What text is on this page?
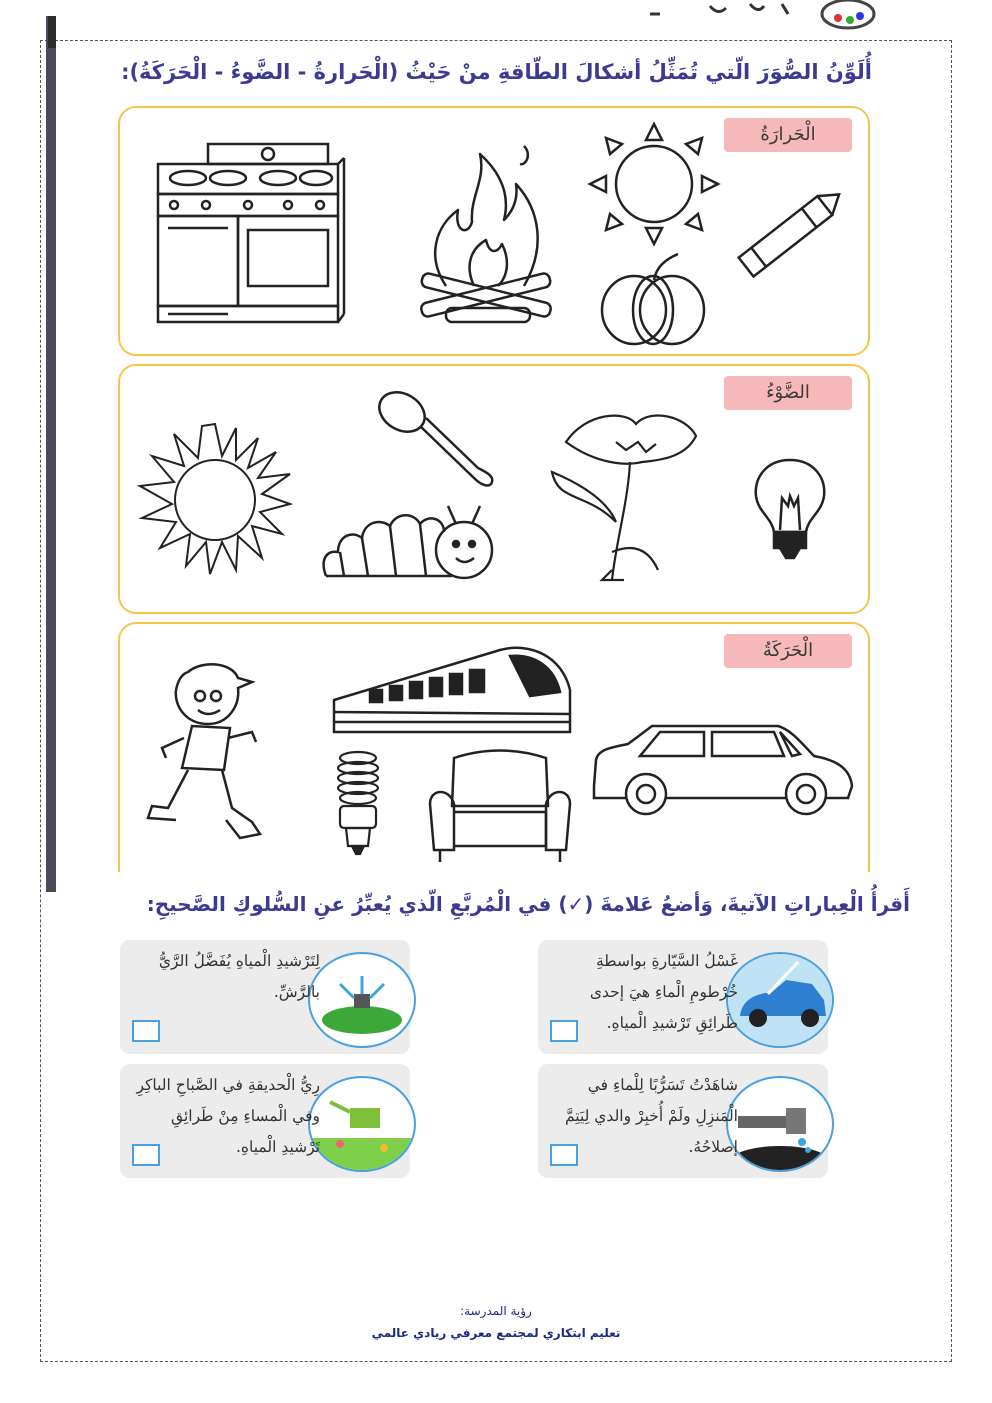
أُلَوِّنُ الصُّوَرَ الّتي تُمَثِّلُ أشكالَ الطّاقةِ منْ حَيْثُ (الْحَرارةُ - الضَّوءُ - الْحَرَكَةُ):
الْحَرارَةُ
الضَّوْءُ
الْحَرَكَةُ
أَقرأُ الْعِباراتِ الآتيةَ، وَأضعُ عَلامةَ (✓) في الْمُربَّعِ الّذي يُعبِّرُ عنِ السُّلوكِ الصَّحيحِ:
غَسْلُ السَّيّارةِ بواسطةِ خُرْطومِ الْماءِ هيَ إحدى طَرائِقِ تَرْشيدِ الْمياهِ.
لِتَرْشيدِ الْمياهِ يُفَضَّلُ الرَّيُّ بالرَّشِّ.
شاهَدْتُ تَسَرُّبًا لِلْماءِ في الْمَنزِلِ ولَمْ أُخبِرْ والدي لِيَتِمَّ إصلاحُهُ.
رِيُّ الْحديقةِ في الصَّباحِ الباكِرِ وفي الْمساءِ مِنْ طَرائِقِ تَرْشيدِ الْمياهِ.
رؤية المدرسة:
تعليم ابتكاري لمجتمع معرفي ريادي عالمي
